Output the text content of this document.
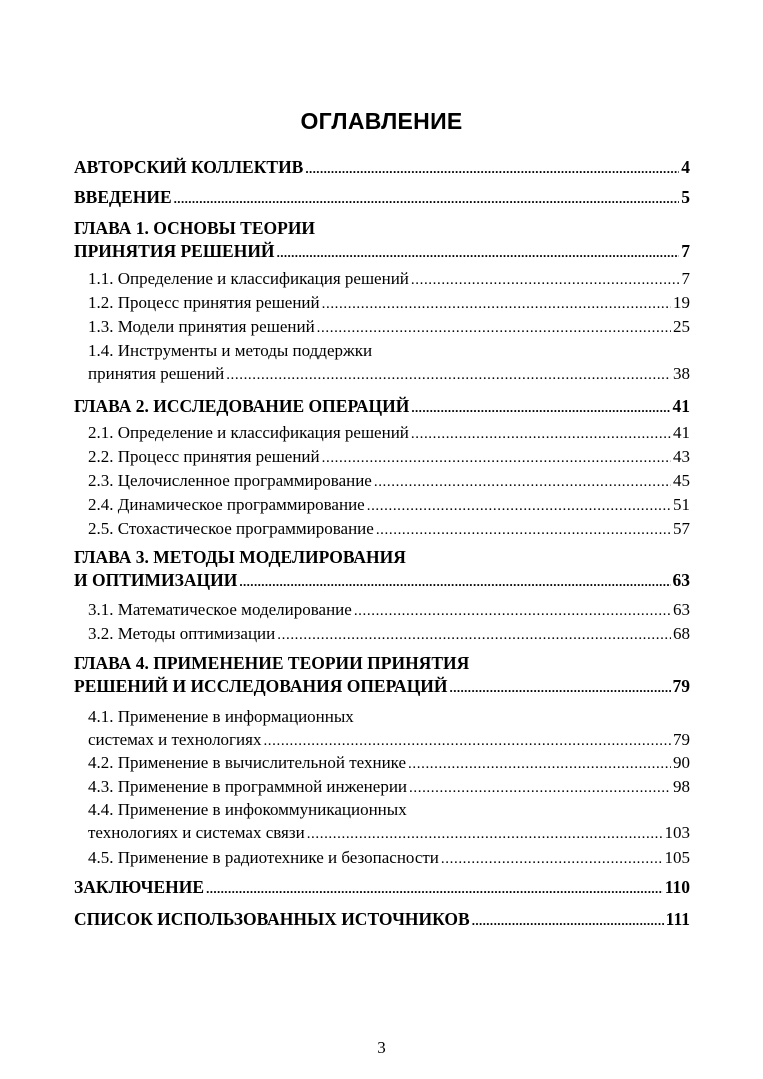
ОГЛАВЛЕНИЕ
АВТОРСКИЙ КОЛЛЕКТИВ .....	4
ВВЕДЕНИЕ .....	5
ГЛАВА 1. ОСНОВЫ ТЕОРИИ
ПРИНЯТИЯ РЕШЕНИЙ .....	7
1.1. Определение и классификация решений .....	7
1.2. Процесс принятия решений .....	19
1.3. Модели принятия решений .....	25
1.4. Инструменты и методы поддержки
принятия решений .....	38
ГЛАВА 2. ИССЛЕДОВАНИЕ ОПЕРАЦИЙ .....	41
2.1. Определение и классификация решений .....	41
2.2. Процесс принятия решений .....	43
2.3. Целочисленное программирование .....	45
2.4. Динамическое программирование .....	51
2.5. Стохастическое программирование .....	57
ГЛАВА 3. МЕТОДЫ МОДЕЛИРОВАНИЯ
И ОПТИМИЗАЦИИ .....	63
3.1. Математическое моделирование .....	63
3.2. Методы оптимизации .....	68
ГЛАВА 4. ПРИМЕНЕНИЕ ТЕОРИИ ПРИНЯТИЯ
РЕШЕНИЙ И ИССЛЕДОВАНИЯ ОПЕРАЦИЙ .....	79
4.1. Применение в информационных
системах и технологиях .....	79
4.2. Применение в вычислительной технике .....	90
4.3. Применение в программной инженерии .....	98
4.4. Применение в инфокоммуникационных
технологиях и системах связи .....	103
4.5. Применение в радиотехнике и безопасности .....	105
ЗАКЛЮЧЕНИЕ .....	110
СПИСОК ИСПОЛЬЗОВАННЫХ ИСТОЧНИКОВ .....	111
3
